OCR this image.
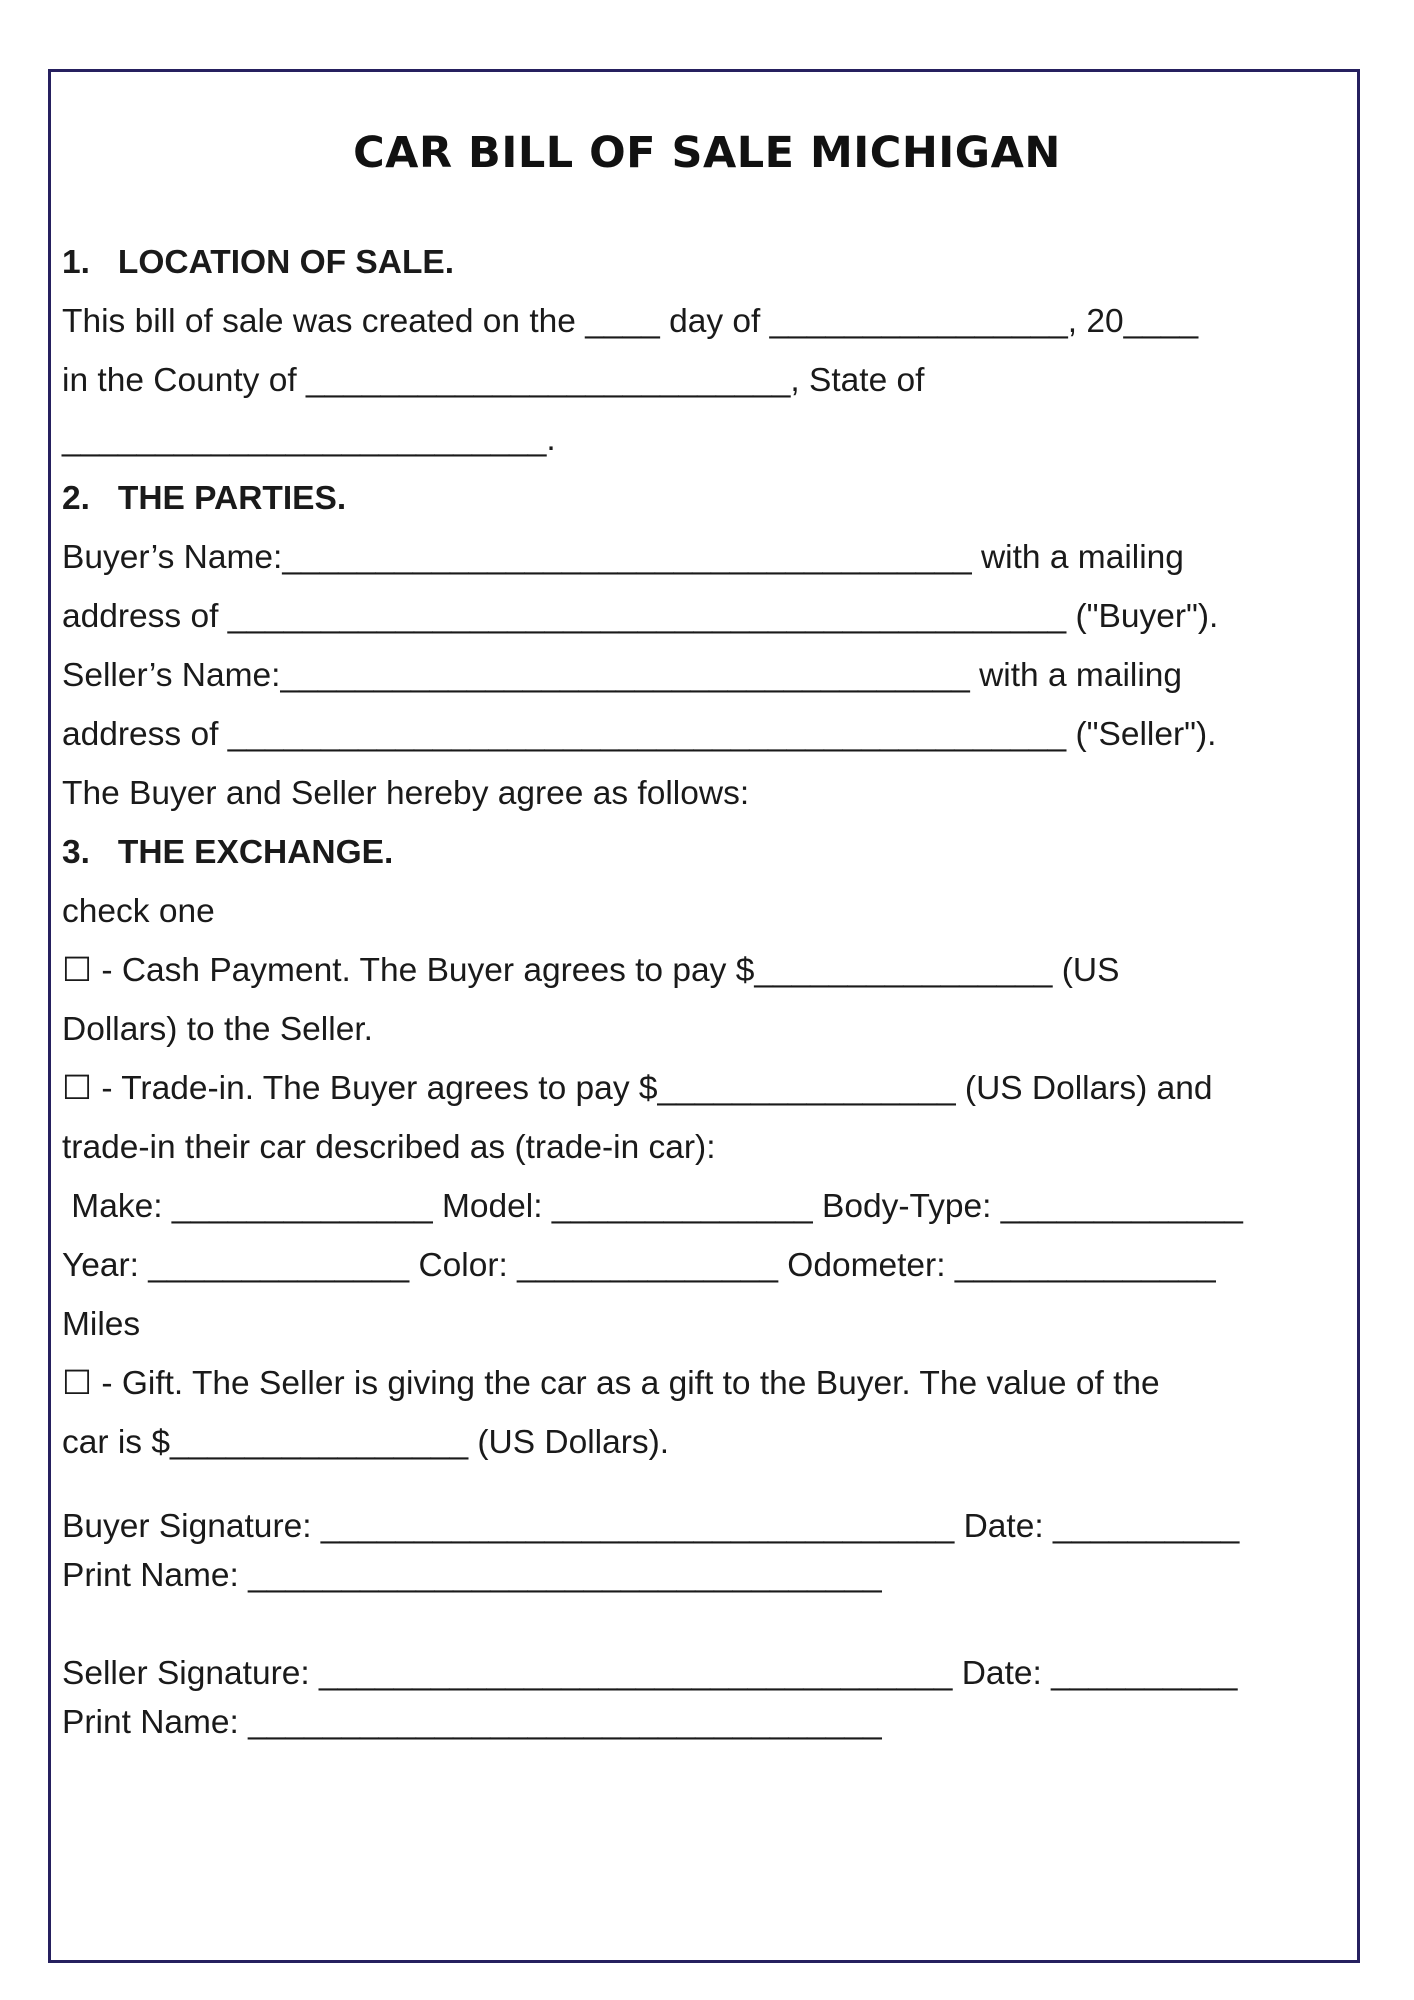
CAR BILL OF SALE MICHIGAN
1.   LOCATION OF SALE.
This bill of sale was created on the ____ day of ________________, 20____
in the County of __________________________, State of
__________________________.
2.   THE PARTIES.
Buyer’s Name:_____________________________________ with a mailing
address of _____________________________________________ ("Buyer").
Seller’s Name:_____________________________________ with a mailing
address of _____________________________________________ ("Seller").
The Buyer and Seller hereby agree as follows:
3.   THE EXCHANGE.
check one
☐ - Cash Payment. The Buyer agrees to pay $________________ (US
Dollars) to the Seller.
☐ - Trade-in. The Buyer agrees to pay $________________ (US Dollars) and
trade-in their car described as (trade-in car):
Make: ______________ Model: ______________ Body-Type: _____________
Year: ______________ Color: ______________ Odometer: ______________
Miles
☐ - Gift. The Seller is giving the car as a gift to the Buyer. The value of the
car is $________________ (US Dollars).
Buyer Signature: __________________________________ Date: __________
Print Name: __________________________________
Seller Signature: __________________________________ Date: __________
Print Name: __________________________________
